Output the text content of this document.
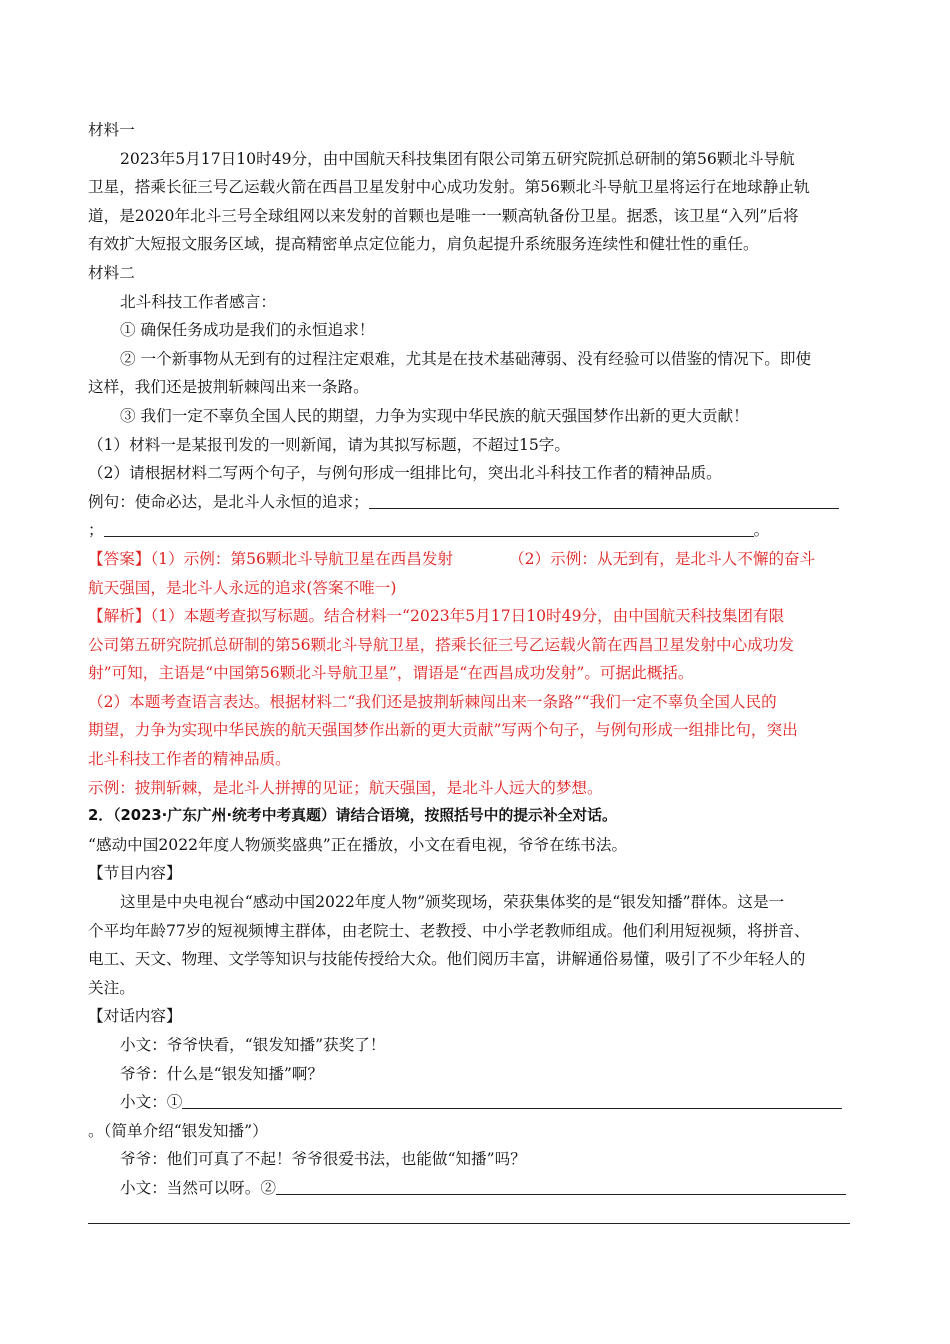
材料一
2023年5月17日10时49分，由中国航天科技集团有限公司第五研究院抓总研制的第56颗北斗导航
卫星，搭乘长征三号乙运载火箭在西昌卫星发射中心成功发射。第56颗北斗导航卫星将运行在地球静止轨
道，是2020年北斗三号全球组网以来发射的首颗也是唯一一颗高轨备份卫星。据悉，该卫星“入列”后将
有效扩大短报文服务区域，提高精密单点定位能力，肩负起提升系统服务连续性和健壮性的重任。
材料二
北斗科技工作者感言：
① 确保任务成功是我们的永恒追求！
② 一个新事物从无到有的过程注定艰难，尤其是在技术基础薄弱、没有经验可以借鉴的情况下。即使
这样，我们还是披荆斩棘闯出来一条路。
③ 我们一定不辜负全国人民的期望，力争为实现中华民族的航天强国梦作出新的更大贡献！
（1）材料一是某报刊发的一则新闻，请为其拟写标题，不超过15字。
（2）请根据材料二写两个句子，与例句形成一组排比句，突出北斗科技工作者的精神品质。
例句：使命必达，是北斗人永恒的追求；
；	。
【答案】（1）示例：第56颗北斗导航卫星在西昌发射	（2）示例：从无到有，是北斗人不懈的奋斗
航天强国，是北斗人永远的追求(答案不唯一)
【解析】（1）本题考查拟写标题。结合材料一“2023年5月17日10时49分，由中国航天科技集团有限
公司第五研究院抓总研制的第56颗北斗导航卫星，搭乘长征三号乙运载火箭在西昌卫星发射中心成功发
射”可知，主语是“中国第56颗北斗导航卫星”，谓语是“在西昌成功发射”。可据此概括。
（2）本题考查语言表达。根据材料二“我们还是披荆斩棘闯出来一条路”“我们一定不辜负全国人民的
期望，力争为实现中华民族的航天强国梦作出新的更大贡献”写两个句子，与例句形成一组排比句，突出
北斗科技工作者的精神品质。
示例：披荆斩棘，是北斗人拼搏的见证；航天强国，是北斗人远大的梦想。
2．（2023·广东广州·统考中考真题）请结合语境，按照括号中的提示补全对话。
“感动中国2022年度人物颁奖盛典”正在播放，小文在看电视，爷爷在练书法。
【节目内容】
这里是中央电视台“感动中国2022年度人物”颁奖现场，荣获集体奖的是“银发知播”群体。这是一
个平均年龄77岁的短视频博主群体，由老院士、老教授、中小学老教师组成。他们利用短视频，将拼音、
电工、天文、物理、文学等知识与技能传授给大众。他们阅历丰富，讲解通俗易懂，吸引了不少年轻人的
关注。
【对话内容】
小文：爷爷快看，“银发知播”获奖了！
爷爷：什么是“银发知播”啊？
小文：①
。（简单介绍“银发知播”）
爷爷：他们可真了不起！爷爷很爱书法，也能做“知播”吗？
小文：当然可以呀。②
